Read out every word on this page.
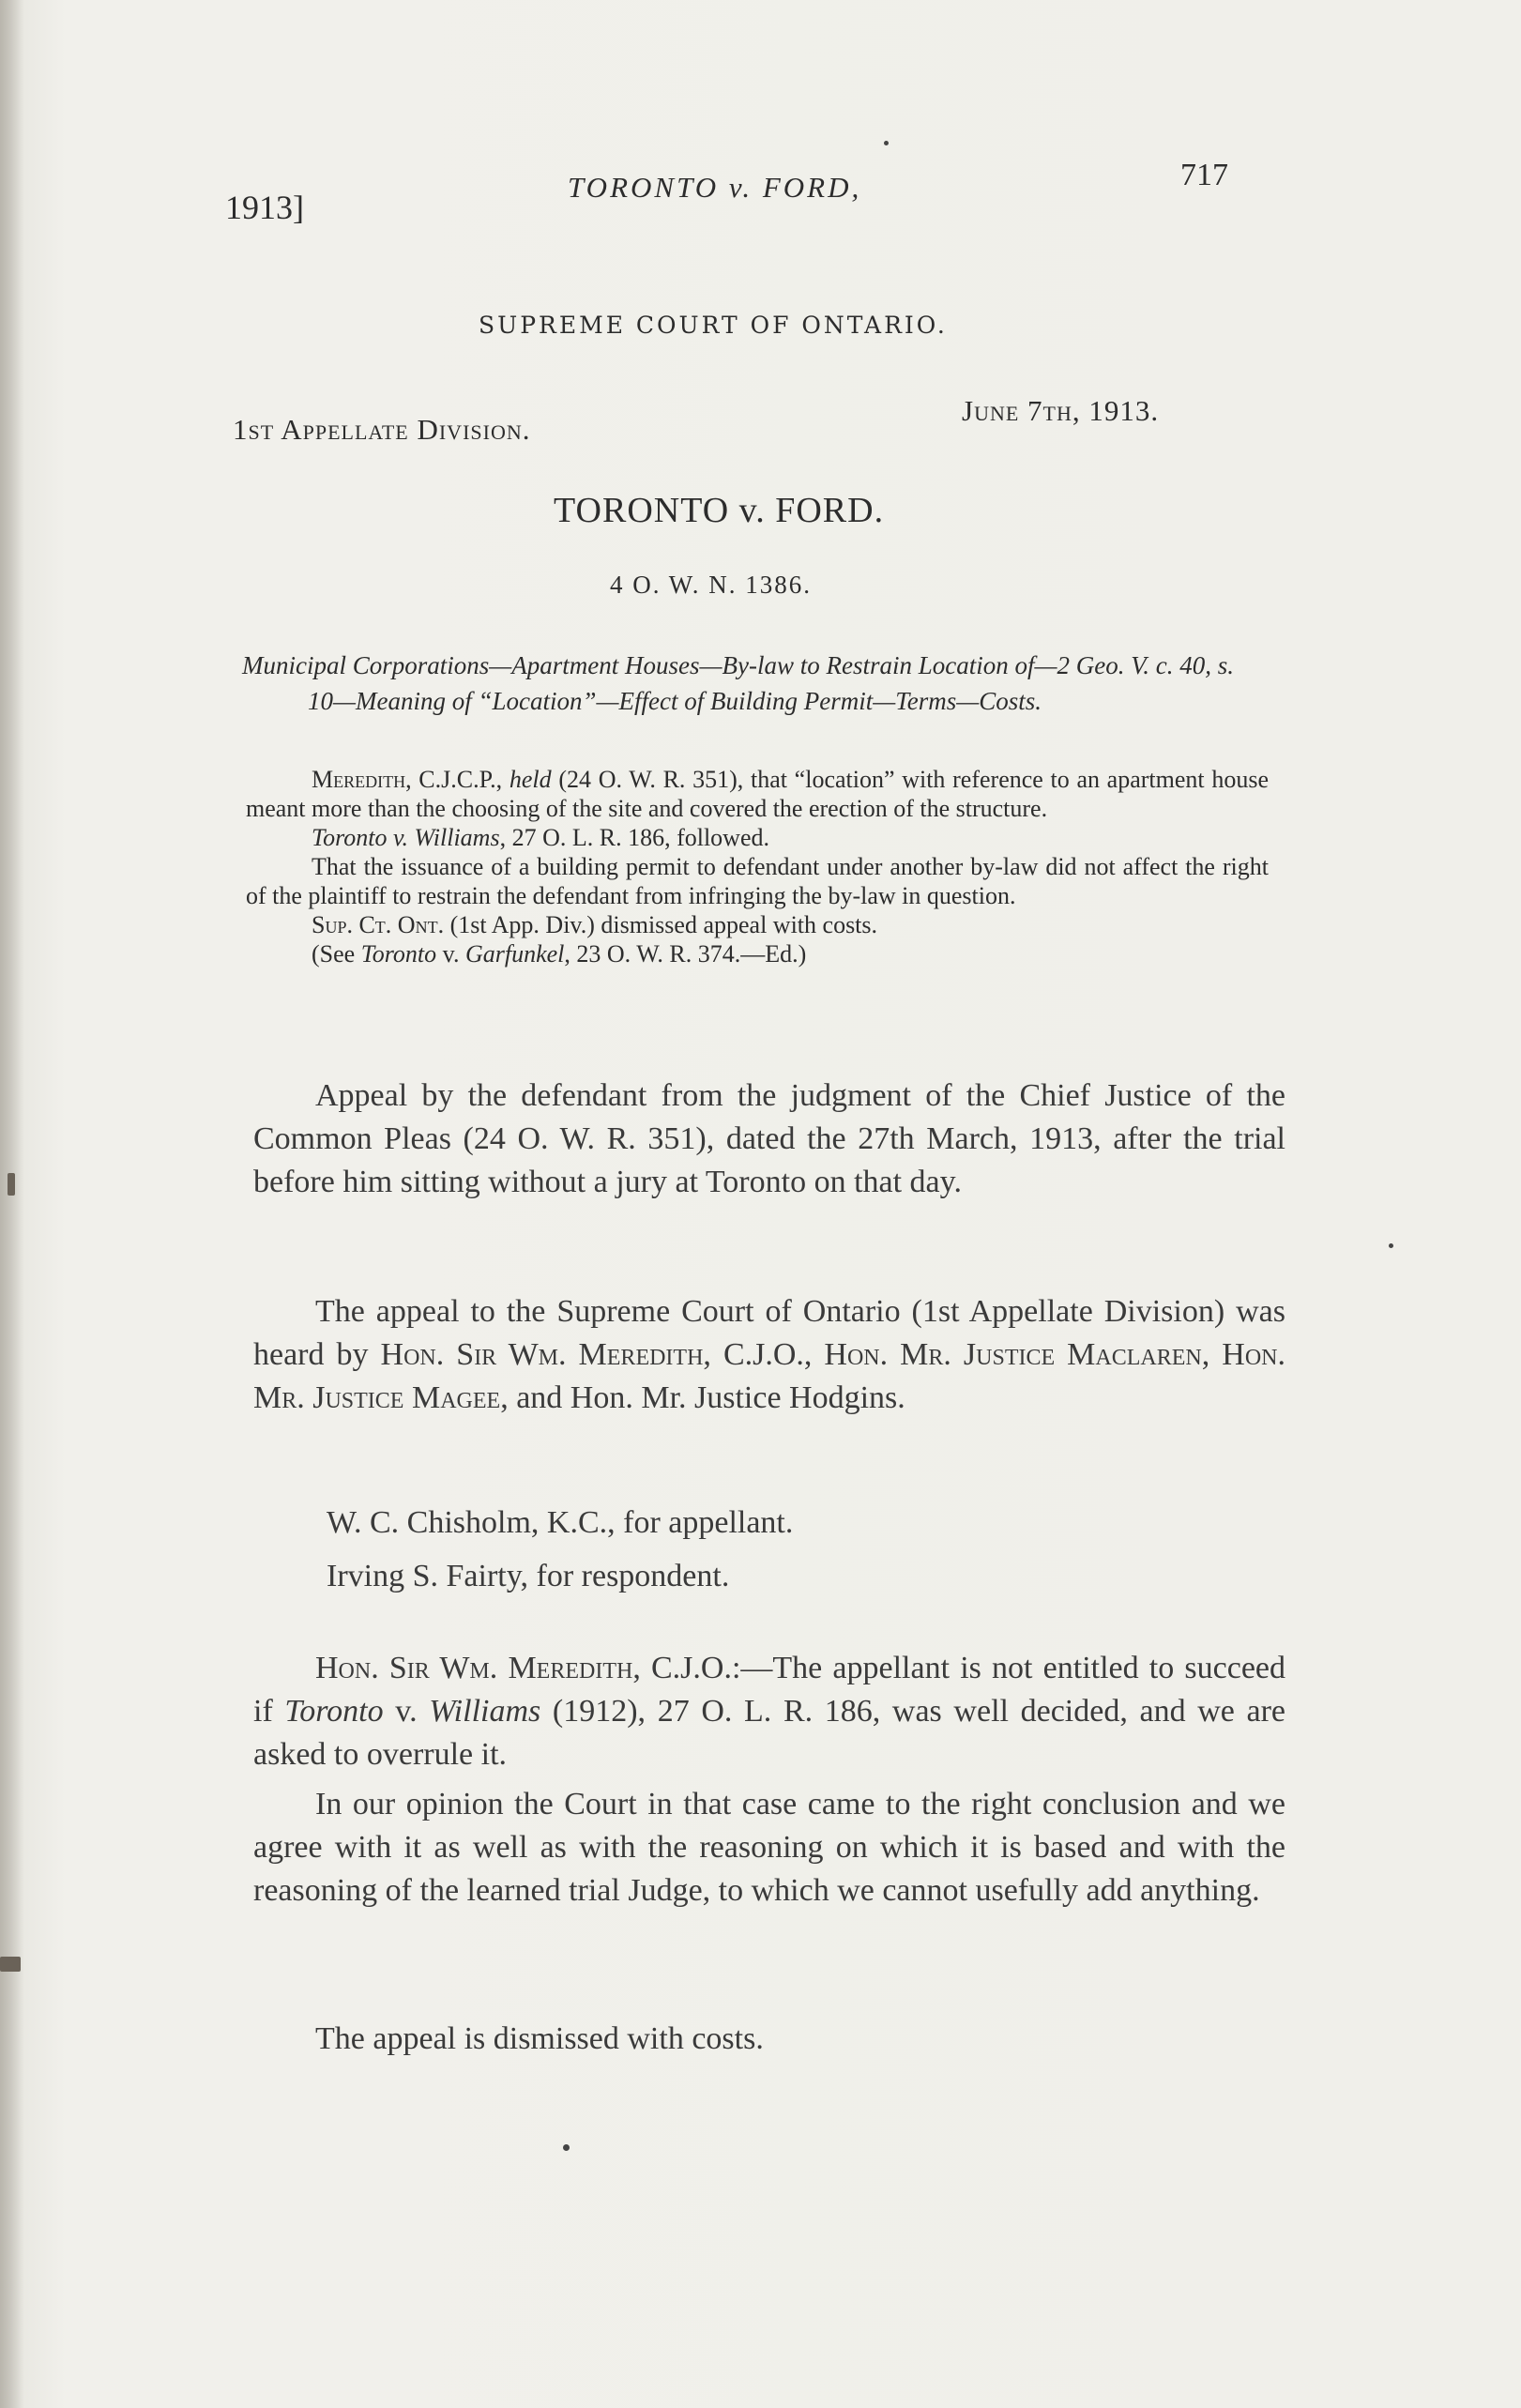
1913]
TORONTO v. FORD,	717
SUPREME COURT OF ONTARIO.
1st Appellate Division.
June 7th, 1913.
TORONTO v. FORD.
4 O. W. N. 1386.
Municipal Corporations—Apartment Houses—By-law to Restrain Location of—2 Geo. V. c. 40, s. 10—Meaning of “Location”—Effect of Building Permit—Terms—Costs.

Meredith, C.J.C.P., held (24 O. W. R. 351), that “location” with reference to an apartment house meant more than the choosing of the site and covered the erection of the structure.

Toronto v. Williams, 27 O. L. R. 186, followed.

That the issuance of a building permit to defendant under another by-law did not affect the right of the plaintiff to restrain the defendant from infringing the by-law in question.

Sup. Ct. Ont. (1st App. Div.) dismissed appeal with costs.

(See Toronto v. Garfunkel, 23 O. W. R. 374.—Ed.)

Appeal by the defendant from the judgment of the Chief Justice of the Common Pleas (24 O. W. R. 351), dated the 27th March, 1913, after the trial before him sitting without a jury at Toronto on that day.

The appeal to the Supreme Court of Ontario (1st Appellate Division) was heard by Hon. Sir Wm. Meredith, C.J.O., Hon. Mr. Justice Maclaren, Hon. Mr. Justice Magee, and Hon. Mr. Justice Hodgins.

W. C. Chisholm, K.C., for appellant.

Irving S. Fairty, for respondent.

Hon. Sir Wm. Meredith, C.J.O.:—The appellant is not entitled to succeed if Toronto v. Williams (1912), 27 O. L. R. 186, was well decided, and we are asked to overrule it.

In our opinion the Court in that case came to the right conclusion and we agree with it as well as with the reasoning on which it is based and with the reasoning of the learned trial Judge, to which we cannot usefully add anything.

The appeal is dismissed with costs.
